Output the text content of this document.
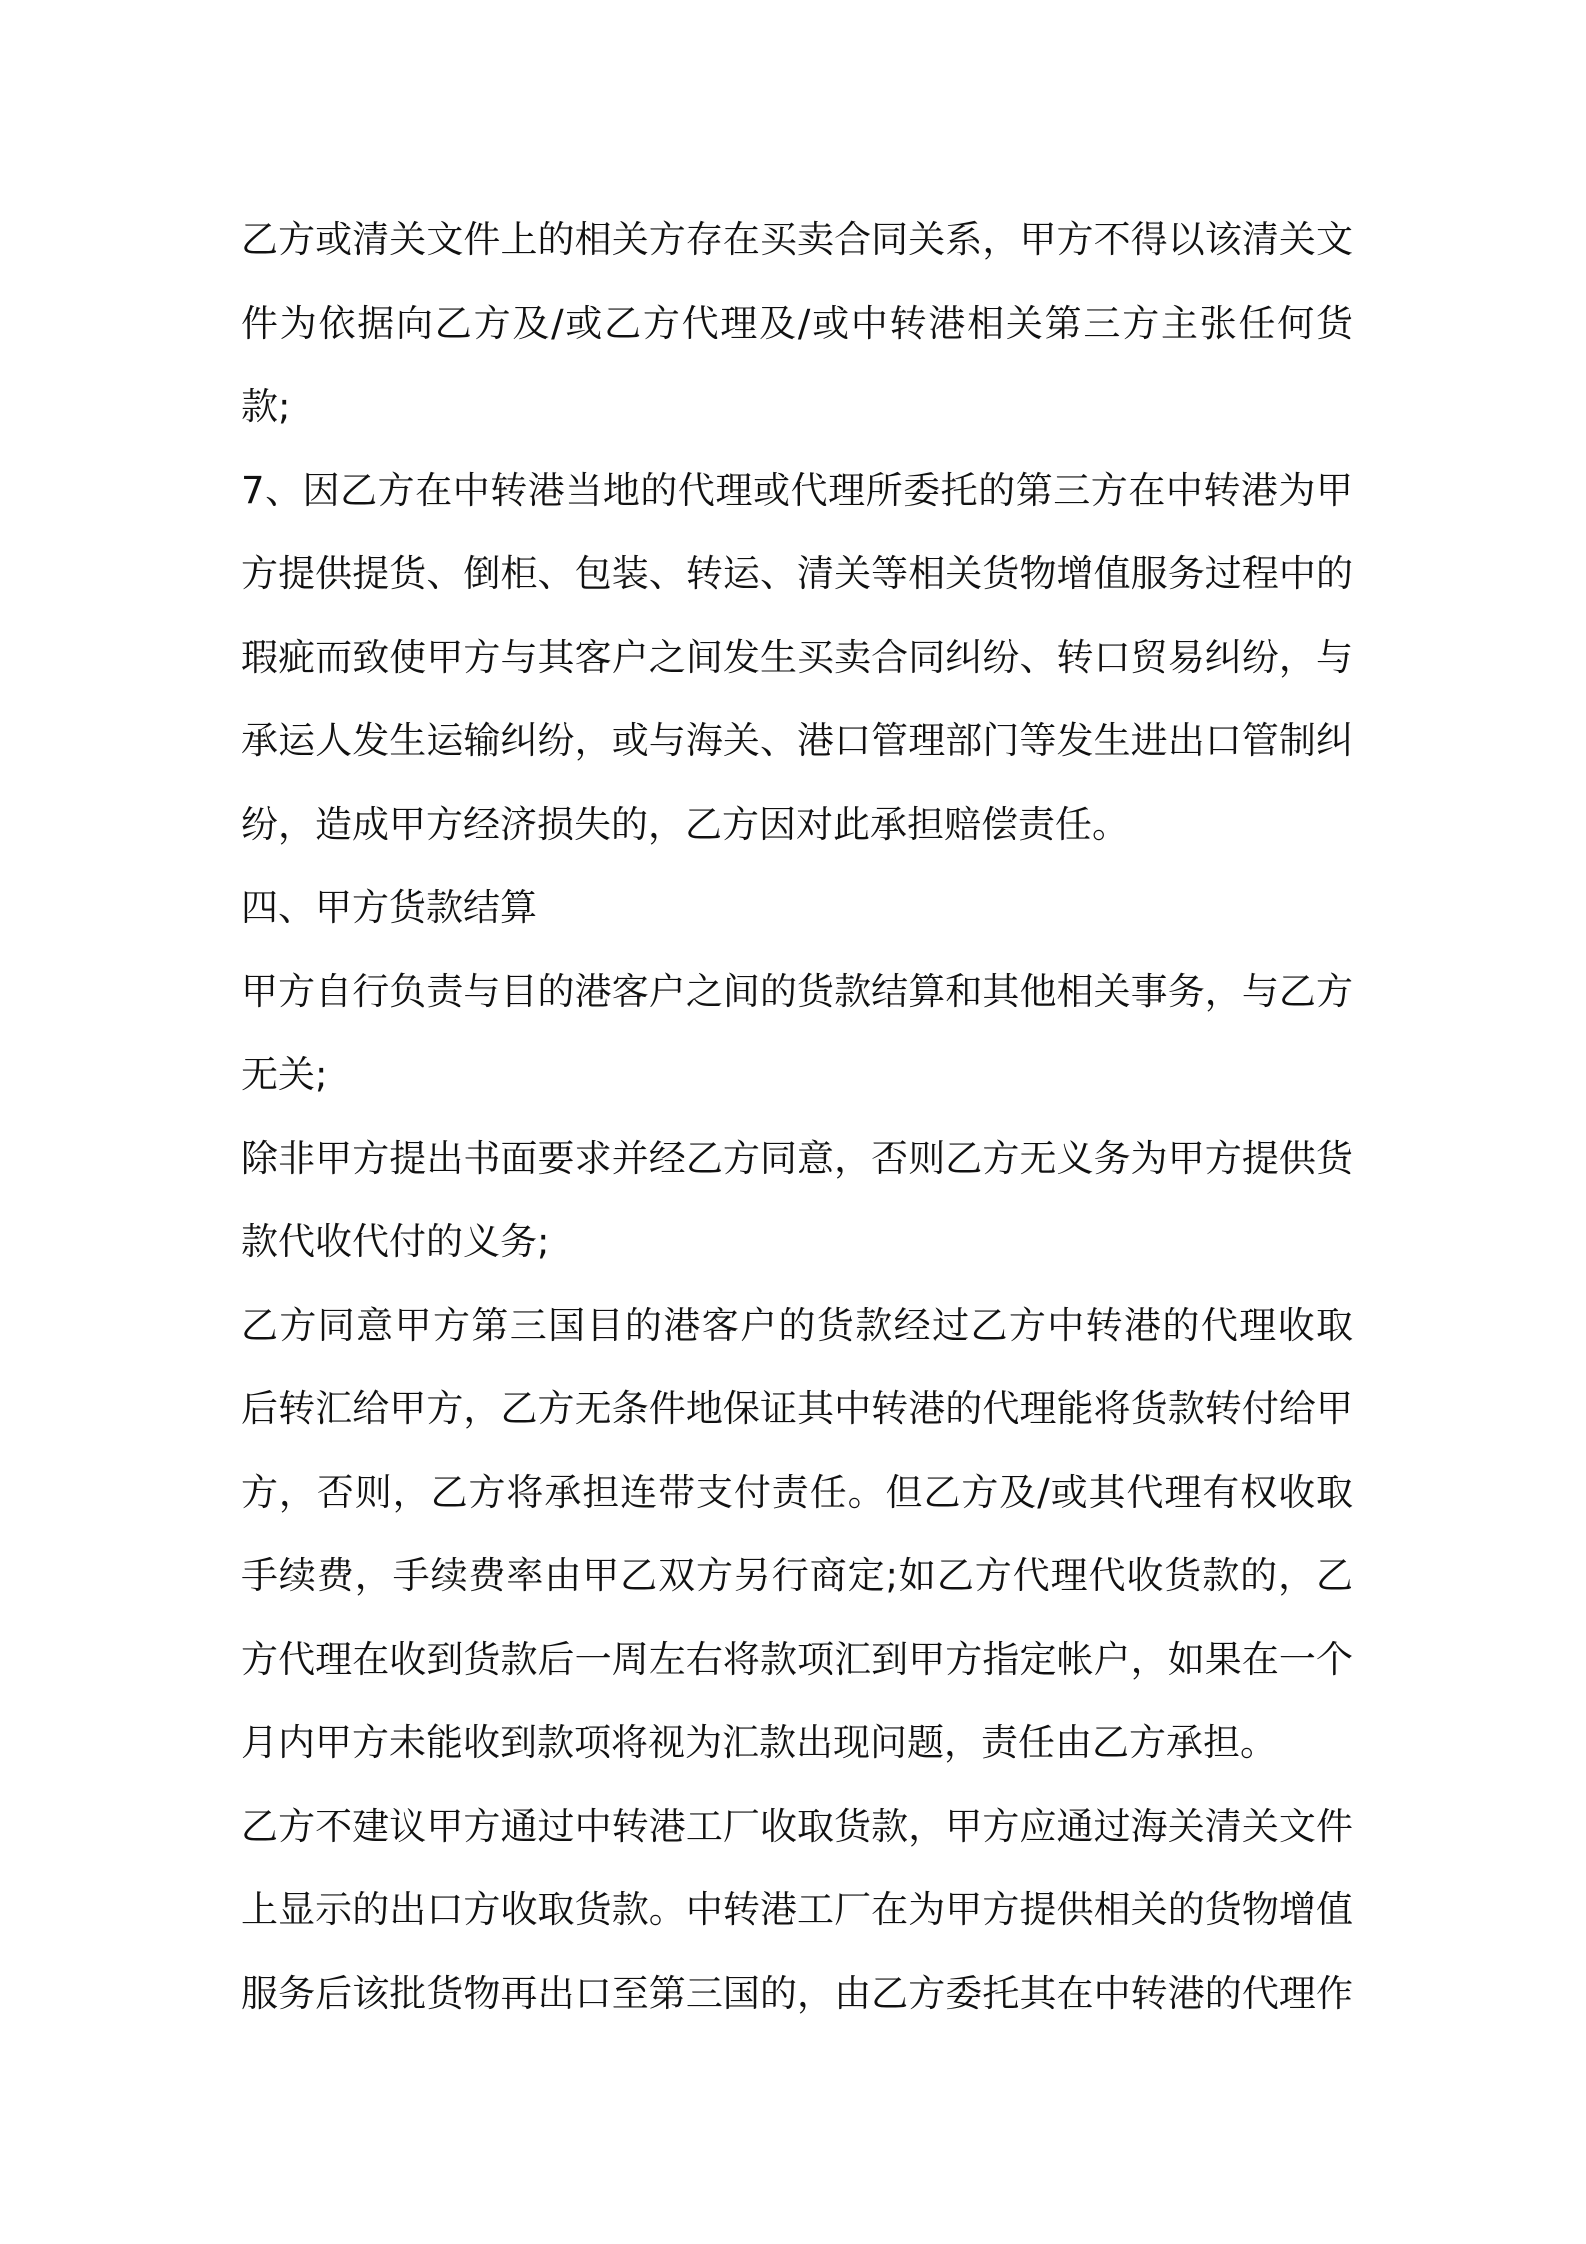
乙方或清关文件上的相关方存在买卖合同关系，甲方不得以该清关文
件为依据向乙方及/或乙方代理及/或中转港相关第三方主张任何货
款;
7、因乙方在中转港当地的代理或代理所委托的第三方在中转港为甲
方提供提货、倒柜、包装、转运、清关等相关货物增值服务过程中的
瑕疵而致使甲方与其客户之间发生买卖合同纠纷、转口贸易纠纷，与
承运人发生运输纠纷，或与海关、港口管理部门等发生进出口管制纠
纷，造成甲方经济损失的，乙方因对此承担赔偿责任。
四、甲方货款结算
甲方自行负责与目的港客户之间的货款结算和其他相关事务，与乙方
无关;
除非甲方提出书面要求并经乙方同意，否则乙方无义务为甲方提供货
款代收代付的义务;
乙方同意甲方第三国目的港客户的货款经过乙方中转港的代理收取
后转汇给甲方，乙方无条件地保证其中转港的代理能将货款转付给甲
方，否则，乙方将承担连带支付责任。但乙方及/或其代理有权收取
手续费，手续费率由甲乙双方另行商定;如乙方代理代收货款的，乙
方代理在收到货款后一周左右将款项汇到甲方指定帐户，如果在一个
月内甲方未能收到款项将视为汇款出现问题，责任由乙方承担。
乙方不建议甲方通过中转港工厂收取货款，甲方应通过海关清关文件
上显示的出口方收取货款。中转港工厂在为甲方提供相关的货物增值
服务后该批货物再出口至第三国的，由乙方委托其在中转港的代理作
